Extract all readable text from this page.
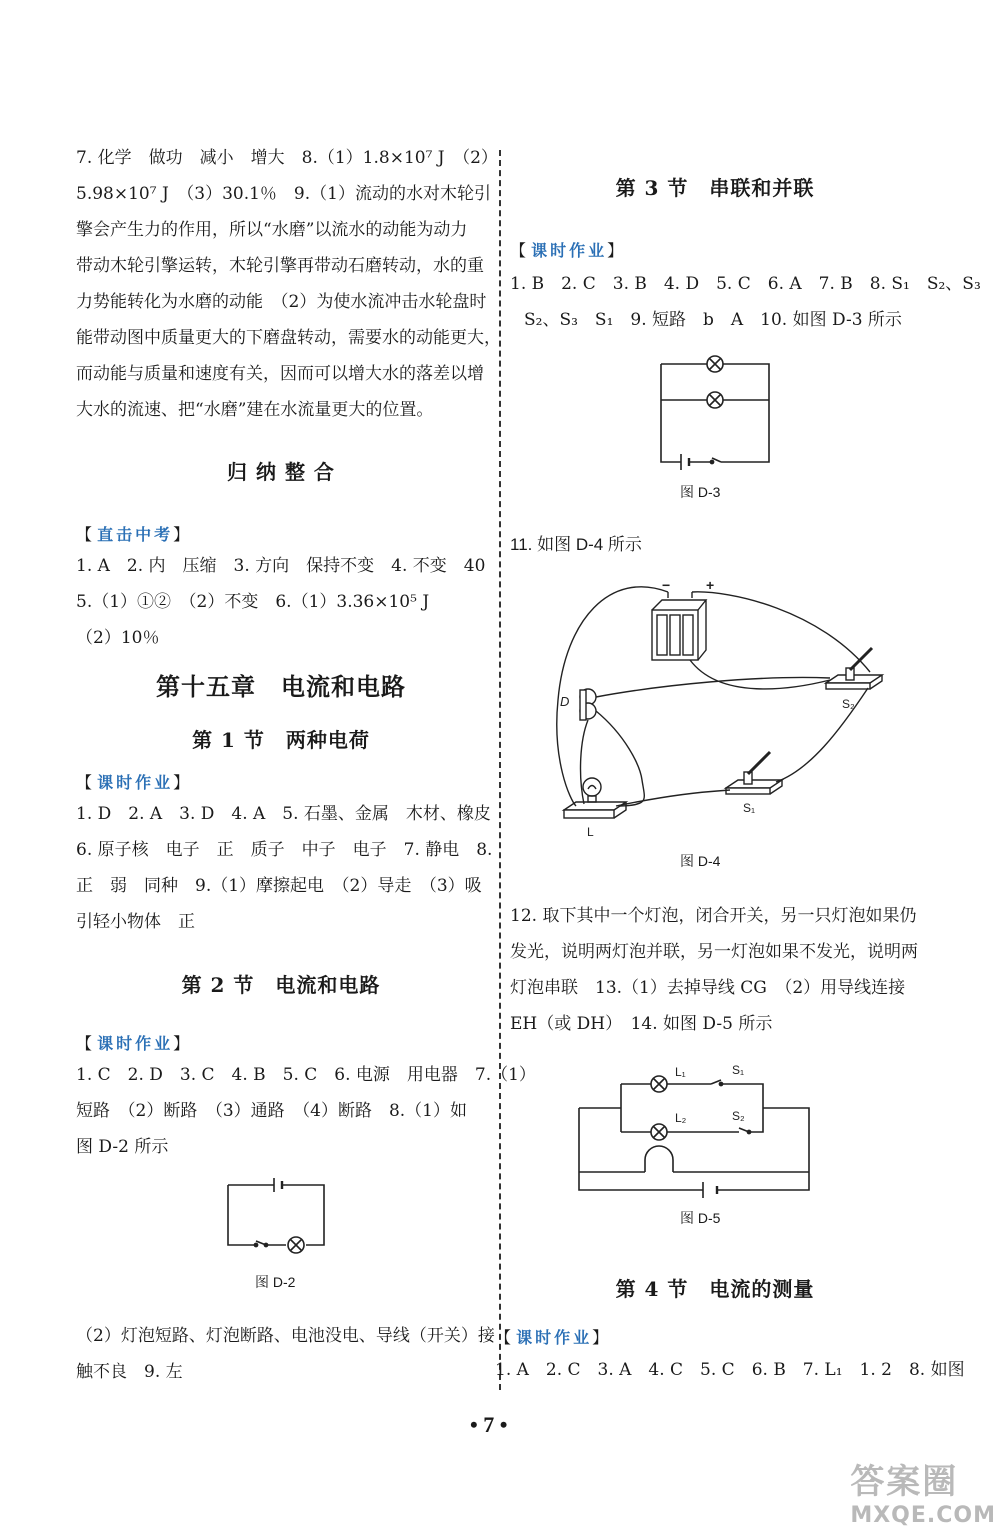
7. 化学　做功　减小　增大　8.（1）1.8×10⁷ J　（2）
5.98×10⁷ J　（3）30.1％　9.（1）流动的水对木轮引
擎会产生力的作用，所以“水磨”以流水的动能为动力
带动木轮引擎运转，木轮引擎再带动石磨转动，水的重
力势能转化为水磨的动能　（2）为使水流冲击水轮盘时
能带动图中质量更大的下磨盘转动，需要水的动能更大，
而动能与质量和速度有关，因而可以增大水的落差以增
大水的流速、把“水磨”建在水流量更大的位置。
归 纳 整 合
【 直击中考】
1. A　2. 内　压缩　3. 方向　保持不变　4. 不变　40
5.（1）①②　（2）不变　6.（1）3.36×10⁵ J
（2）10％
第十五章　电流和电路
第 1 节　两种电荷
【 课时作业】
1. D　2. A　3. D　4. A　5. 石墨、金属　木材、橡皮
6. 原子核　电子　正　质子　中子　电子　7. 静电　8.
正　弱　同种　9.（1）摩擦起电　（2）导走　（3）吸
引轻小物体　正
第 2 节　电流和电路
【 课时作业】
1. C　2. D　3. C　4. B　5. C　6. 电源　用电器　7.（1）
短路　（2）断路　（3）通路　（4）断路　8.（1）如
图 D-2 所示
图 D-2
（2）灯泡短路、灯泡断路、电池没电、导线（开关）接
触不良　9. 左
第 3 节　串联和并联
【 课时作业】
1. B　2. C　3. B　4. D　5. C　6. A　7. B　8. S₁　S₂、S₃
S₂、S₃　S₁　9. 短路　b　A　10. 如图 D-3 所示
图 D-3
11. 如图 D-4 所示
D	S₂
S₁
L
−	+
图 D-4
12. 取下其中一个灯泡，闭合开关，另一只灯泡如果仍
发光，说明两灯泡并联，另一灯泡如果不发光，说明两
灯泡串联　13.（1）去掉导线 CG　（2）用导线连接
EH（或 DH）　14. 如图 D-5 所示
L₁
L₂
S₁
S₂
图 D-5
第 4 节　电流的测量
【 课时作业】
1. A　2. C　3. A　4. C　5. C　6. B　7. L₁　1. 2　8. 如图
• 7 •
答案圈
MXQE.COM
